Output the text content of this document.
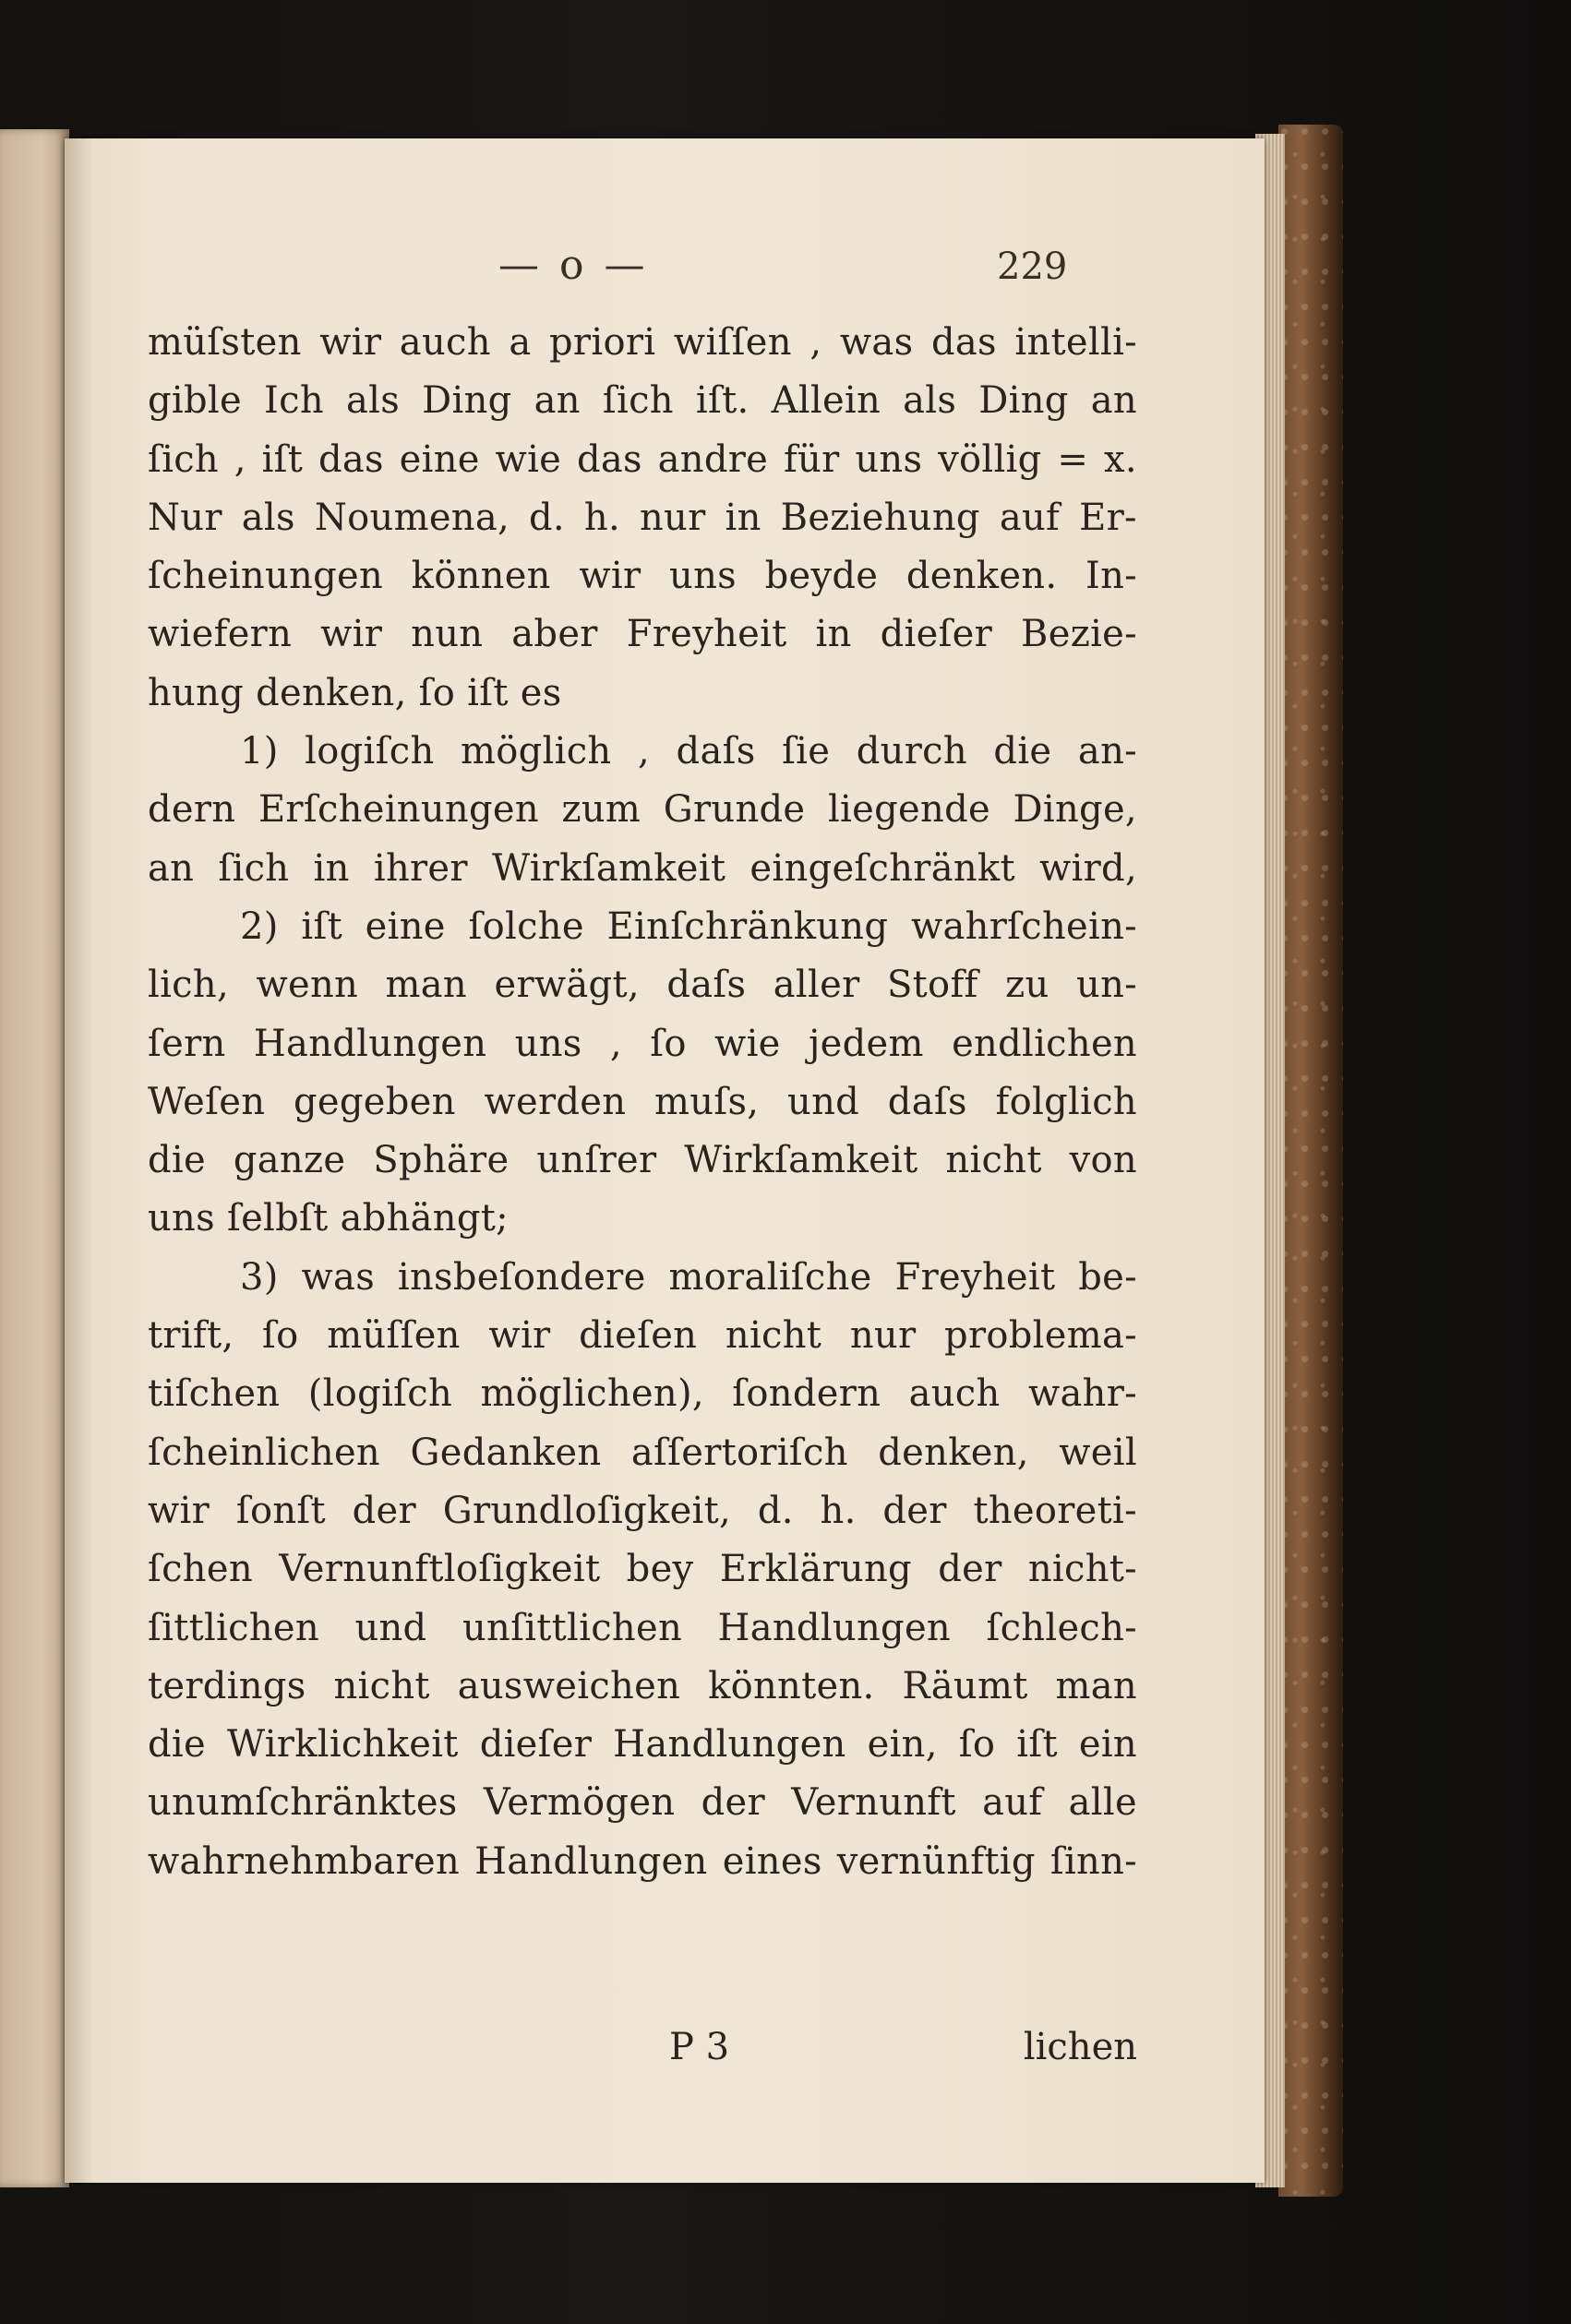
— o —	229
müſsten wir auch a priori wiſſen , was das intelli-
gible Ich als Ding an ſich iſt. Allein als Ding an
ſich , iſt das eine wie das andre für uns völlig = x.
Nur als Noumena, d. h. nur in Beziehung auf Er-
ſcheinungen können wir uns beyde denken. In-
wiefern wir nun aber Freyheit in dieſer Bezie-
hung denken, ſo iſt es
1) logiſch möglich , daſs ſie durch die an-
dern Erſcheinungen zum Grunde liegende Dinge,
an ſich in ihrer Wirkſamkeit eingeſchränkt wird,
2) iſt eine ſolche Einſchränkung wahrſchein-
lich, wenn man erwägt, daſs aller Stoff zu un-
ſern Handlungen uns , ſo wie jedem endlichen
Weſen gegeben werden muſs, und daſs folglich
die ganze Sphäre unſrer Wirkſamkeit nicht von
uns ſelbſt abhängt;
3) was insbeſondere moraliſche Freyheit be-
trift, ſo müſſen wir dieſen nicht nur problema-
tiſchen (logiſch möglichen), ſondern auch wahr-
ſcheinlichen Gedanken aſſertoriſch denken, weil
wir ſonſt der Grundloſigkeit, d. h. der theoreti-
ſchen Vernunftloſigkeit bey Erklärung der nicht-
ſittlichen und unſittlichen Handlungen ſchlech-
terdings nicht ausweichen könnten. Räumt man
die Wirklichkeit dieſer Handlungen ein, ſo iſt ein
unumſchränktes Vermögen der Vernunft auf alle
wahrnehmbaren Handlungen eines vernünftig ſinn-
P 3	lichen
